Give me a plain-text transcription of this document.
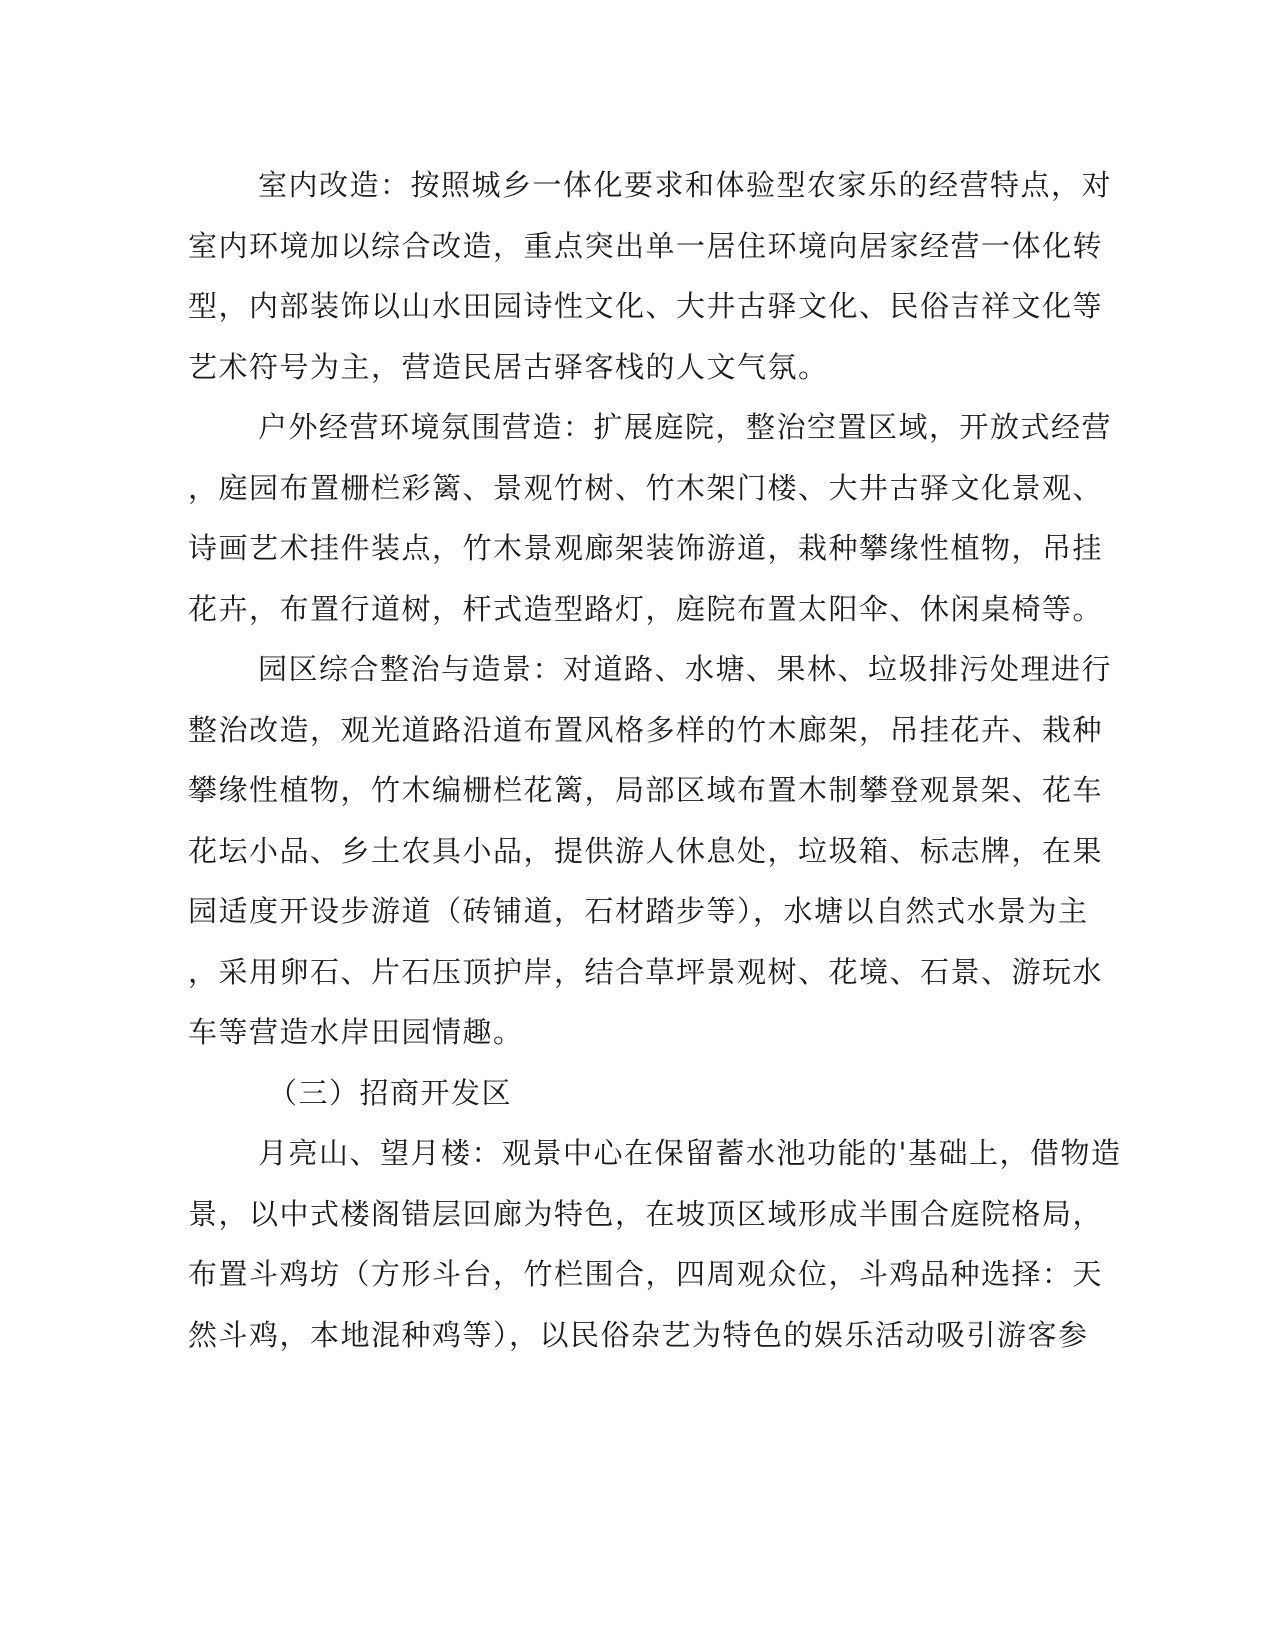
室内改造：按照城乡一体化要求和体验型农家乐的经营特点，对
室内环境加以综合改造，重点突出单一居住环境向居家经营一体化转
型，内部装饰以山水田园诗性文化、大井古驿文化、民俗吉祥文化等
艺术符号为主，营造民居古驿客栈的人文气氛。
户外经营环境氛围营造：扩展庭院，整治空置区域，开放式经营
，庭园布置栅栏彩篱、景观竹树、竹木架门楼、大井古驿文化景观、
诗画艺术挂件装点，竹木景观廊架装饰游道，栽种攀缘性植物，吊挂
花卉，布置行道树，杆式造型路灯，庭院布置太阳伞、休闲桌椅等。
园区综合整治与造景：对道路、水塘、果林、垃圾排污处理进行
整治改造，观光道路沿道布置风格多样的竹木廊架，吊挂花卉、栽种
攀缘性植物，竹木编栅栏花篱，局部区域布置木制攀登观景架、花车
花坛小品、乡土农具小品，提供游人休息处，垃圾箱、标志牌，在果
园适度开设步游道（砖铺道，石材踏步等），水塘以自然式水景为主
，采用卵石、片石压顶护岸，结合草坪景观树、花境、石景、游玩水
车等营造水岸田园情趣。
（三）招商开发区
月亮山、望月楼：观景中心在保留蓄水池功能的'基础上，借物造
景，以中式楼阁错层回廊为特色，在坡顶区域形成半围合庭院格局，
布置斗鸡坊（方形斗台，竹栏围合，四周观众位，斗鸡品种选择：天
然斗鸡，本地混种鸡等），以民俗杂艺为特色的娱乐活动吸引游客参
